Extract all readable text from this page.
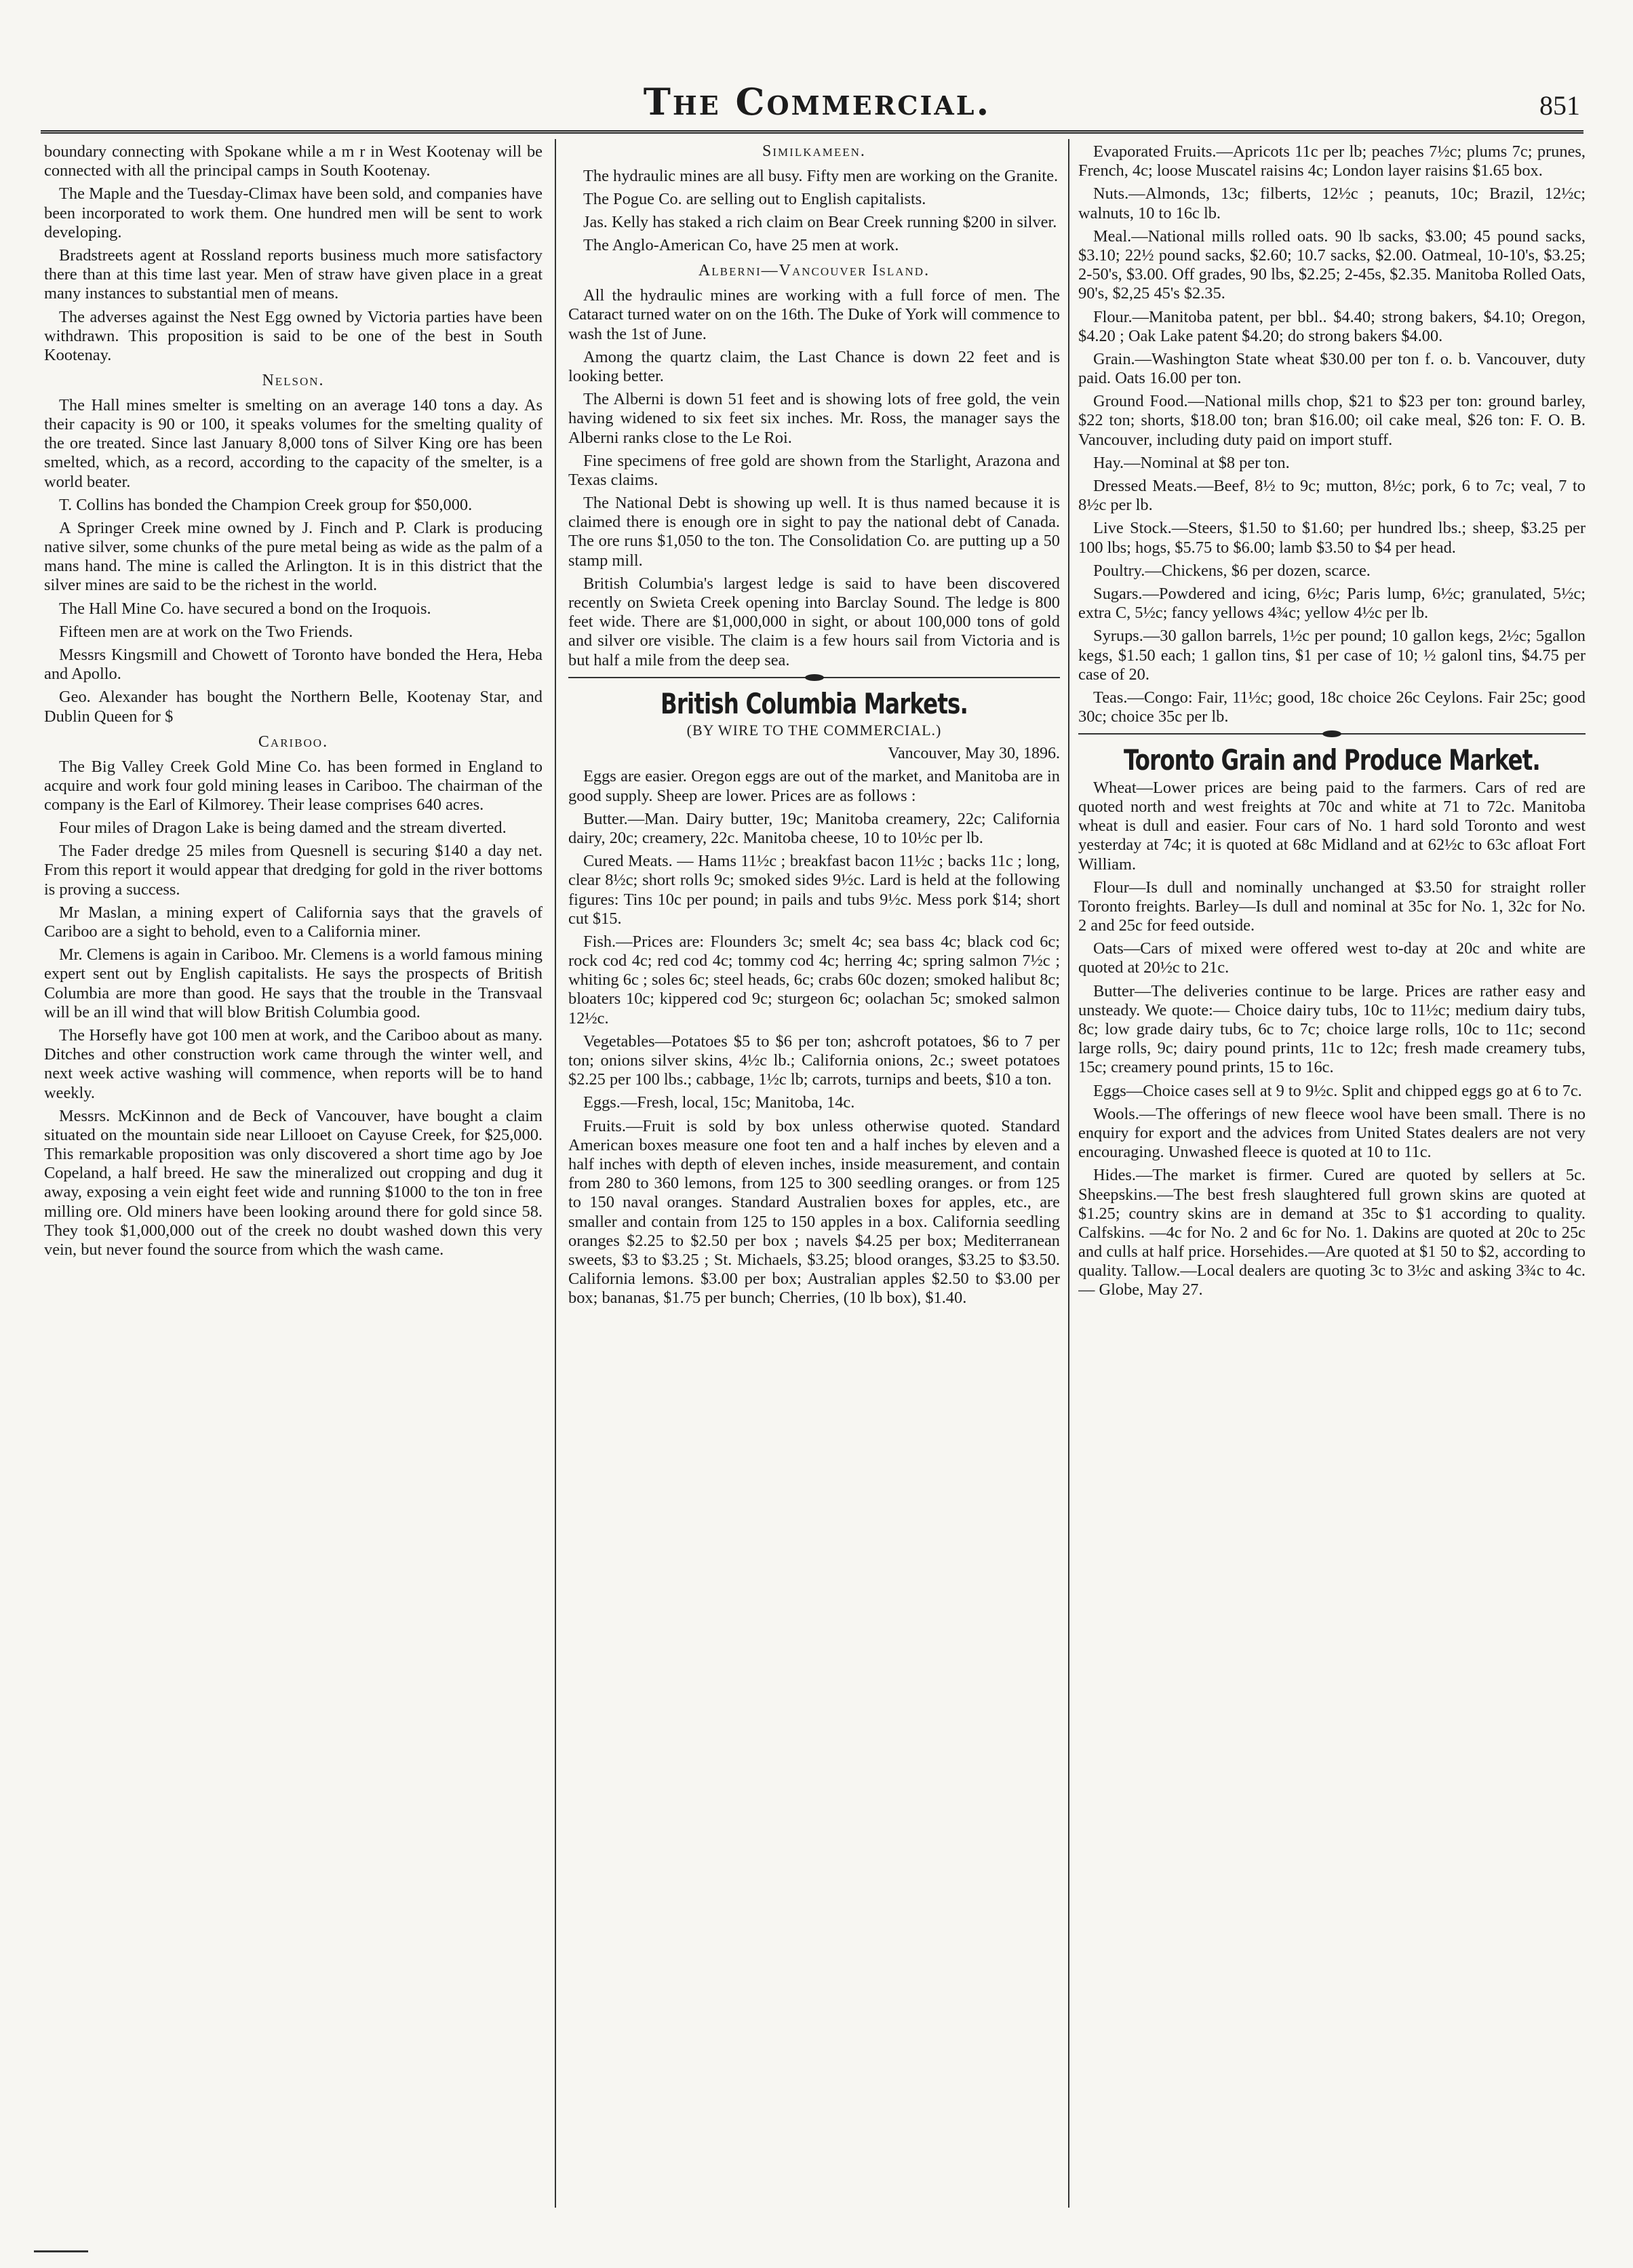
The Commercial.	851

boundary connecting with Spokane while a m r in West Kootenay will be connected with all the principal camps in South Kootenay.

The Maple and the Tuesday-Climax have been sold, and companies have been incorporated to work them. One hundred men will be sent to work developing.

Bradstreets agent at Rossland reports business much more satisfactory there than at this time last year. Men of straw have given place in a great many instances to substantial men of means.

The adverses against the Nest Egg owned by Victoria parties have been withdrawn. This proposition is said to be one of the best in South Kootenay.

Nelson.

The Hall mines smelter is smelting on an average 140 tons a day. As their capacity is 90 or 100, it speaks volumes for the smelting quality of the ore treated. Since last January 8,000 tons of Silver King ore has been smelted, which, as a record, according to the capacity of the smelter, is a world beater.

T. Collins has bonded the Champion Creek group for $50,000.

A Springer Creek mine owned by J. Finch and P. Clark is producing native silver, some chunks of the pure metal being as wide as the palm of a mans hand. The mine is called the Arlington. It is in this district that the silver mines are said to be the richest in the world.

The Hall Mine Co. have secured a bond on the Iroquois.

Fifteen men are at work on the Two Friends.

Messrs Kingsmill and Chowett of Toronto have bonded the Hera, Heba and Apollo.

Geo. Alexander has bought the Northern Belle, Kootenay Star, and Dublin Queen for $

Cariboo.

The Big Valley Creek Gold Mine Co. has been formed in England to acquire and work four gold mining leases in Cariboo. The chairman of the company is the Earl of Kilmorey. Their lease comprises 640 acres.

Four miles of Dragon Lake is being damed and the stream diverted.

The Fader dredge 25 miles from Quesnell is securing $140 a day net. From this report it would appear that dredging for gold in the river bottoms is proving a success.

Mr Maslan, a mining expert of California says that the gravels of Cariboo are a sight to behold, even to a California miner.

Mr. Clemens is again in Cariboo. Mr. Clemens is a world famous mining expert sent out by English capitalists. He says the prospects of British Columbia are more than good. He says that the trouble in the Transvaal will be an ill wind that will blow British Columbia good.

The Horsefly have got 100 men at work, and the Cariboo about as many. Ditches and other construction work came through the winter well, and next week active washing will commence, when reports will be to hand weekly.

Messrs. McKinnon and de Beck of Vancouver, have bought a claim situated on the mountain side near Lillooet on Cayuse Creek, for $25,000. This remarkable proposition was only discovered a short time ago by Joe Copeland, a half breed. He saw the mineralized out cropping and dug it away, exposing a vein eight feet wide and running $1000 to the ton in free milling ore. Old miners have been looking around there for gold since 58. They took $1,000,000 out of the creek no doubt washed down this very vein, but never found the source from which the wash came.

Similkameen.

The hydraulic mines are all busy. Fifty men are working on the Granite.

The Pogue Co. are selling out to English capitalists.

Jas. Kelly has staked a rich claim on Bear Creek running $200 in silver.

The Anglo-American Co, have 25 men at work.

Alberni—Vancouver Island.

All the hydraulic mines are working with a full force of men. The Cataract turned water on on the 16th. The Duke of York will commence to wash the 1st of June.

Among the quartz claim, the Last Chance is down 22 feet and is looking better.

The Alberni is down 51 feet and is showing lots of free gold, the vein having widened to six feet six inches. Mr. Ross, the manager says the Alberni ranks close to the Le Roi.

Fine specimens of free gold are shown from the Starlight, Arazona and Texas claims.

The National Debt is showing up well. It is thus named because it is claimed there is enough ore in sight to pay the national debt of Canada. The ore runs $1,050 to the ton. The Consolidation Co. are putting up a 50 stamp mill.

British Columbia's largest ledge is said to have been discovered recently on Swieta Creek opening into Barclay Sound. The ledge is 800 feet wide. There are $1,000,000 in sight, or about 100,000 tons of gold and silver ore visible. The claim is a few hours sail from Victoria and is but half a mile from the deep sea.

British Columbia Markets.
(BY WIRE TO THE COMMERCIAL.)
Vancouver, May 30, 1896.

Eggs are easier. Oregon eggs are out of the market, and Manitoba are in good supply. Sheep are lower. Prices are as follows :

Butter.—Man. Dairy butter, 19c; Manitoba creamery, 22c; California dairy, 20c; creamery, 22c. Manitoba cheese, 10 to 10½c per lb.

Cured Meats. — Hams 11½c ; breakfast bacon 11½c ; backs 11c ; long, clear 8½c; short rolls 9c; smoked sides 9½c. Lard is held at the following figures: Tins 10c per pound; in pails and tubs 9½c. Mess pork $14; short cut $15.

Fish.—Prices are: Flounders 3c; smelt 4c; sea bass 4c; black cod 6c; rock cod 4c; red cod 4c; tommy cod 4c; herring 4c; spring salmon 7½c ; whiting 6c ; soles 6c; steel heads, 6c; crabs 60c dozen; smoked halibut 8c; bloaters 10c; kippered cod 9c; sturgeon 6c; oolachan 5c; smoked salmon 12½c.

Vegetables—Potatoes $5 to $6 per ton; ashcroft potatoes, $6 to 7 per ton; onions silver skins, 4½c lb.; California onions, 2c.; sweet potatoes $2.25 per 100 lbs.; cabbage, 1½c lb; carrots, turnips and beets, $10 a ton.

Eggs.—Fresh, local, 15c; Manitoba, 14c.

Fruits.—Fruit is sold by box unless otherwise quoted. Standard American boxes measure one foot ten and a half inches by eleven and a half inches with depth of eleven inches, inside measurement, and contain from 280 to 360 lemons, from 125 to 300 seedling oranges. or from 125 to 150 naval oranges. Standard Australien boxes for apples, etc., are smaller and contain from 125 to 150 apples in a box. California seedling oranges $2.25 to $2.50 per box ; navels $4.25 per box; Mediterranean sweets, $3 to $3.25 ; St. Michaels, $3.25; blood oranges, $3.25 to $3.50. California lemons. $3.00 per box; Australian apples $2.50 to $3.00 per box; bananas, $1.75 per bunch; Cherries, (10 lb box), $1.40.

Evaporated Fruits.—Apricots 11c per lb; peaches 7½c; plums 7c; prunes, French, 4c; loose Muscatel raisins 4c; London layer raisins $1.65 box.

Nuts.—Almonds, 13c; filberts, 12½c ; peanuts, 10c; Brazil, 12½c; walnuts, 10 to 16c lb.

Meal.—National mills rolled oats. 90 lb sacks, $3.00; 45 pound sacks, $3.10; 22½ pound sacks, $2.60; 10.7 sacks, $2.00. Oatmeal, 10-10's, $3.25; 2-50's, $3.00. Off grades, 90 lbs, $2.25; 2-45s, $2.35. Manitoba Rolled Oats, 90's, $2,25 45's $2.35.

Flour.—Manitoba patent, per bbl.. $4.40; strong bakers, $4.10; Oregon, $4.20 ; Oak Lake patent $4.20; do strong bakers $4.00.

Grain.—Washington State wheat $30.00 per ton f. o. b. Vancouver, duty paid. Oats 16.00 per ton.

Ground Food.—National mills chop, $21 to $23 per ton: ground barley, $22 ton; shorts, $18.00 ton; bran $16.00; oil cake meal, $26 ton: F. O. B. Vancouver, including duty paid on import stuff.

Hay.—Nominal at $8 per ton.

Dressed Meats.—Beef, 8½ to 9c; mutton, 8½c; pork, 6 to 7c; veal, 7 to 8½c per lb.

Live Stock.—Steers, $1.50 to $1.60; per hundred lbs.; sheep, $3.25 per 100 lbs; hogs, $5.75 to $6.00; lamb $3.50 to $4 per head.

Poultry.—Chickens, $6 per dozen, scarce.

Sugars.—Powdered and icing, 6½c; Paris lump, 6½c; granulated, 5½c; extra C, 5½c; fancy yellows 4¾c; yellow 4½c per lb.

Syrups.—30 gallon barrels, 1½c per pound; 10 gallon kegs, 2½c; 5gallon kegs, $1.50 each; 1 gallon tins, $1 per case of 10; ½ galonl tins, $4.75 per case of 20.

Teas.—Congo: Fair, 11½c; good, 18c choice 26c Ceylons. Fair 25c; good 30c; choice 35c per lb.

Toronto Grain and Produce Market.

Wheat—Lower prices are being paid to the farmers. Cars of red are quoted north and west freights at 70c and white at 71 to 72c. Manitoba wheat is dull and easier. Four cars of No. 1 hard sold Toronto and west yesterday at 74c; it is quoted at 68c Midland and at 62½c to 63c afloat Fort William.

Flour—Is dull and nominally unchanged at $3.50 for straight roller Toronto freights. Barley—Is dull and nominal at 35c for No. 1, 32c for No. 2 and 25c for feed outside.

Oats—Cars of mixed were offered west to-day at 20c and white are quoted at 20½c to 21c.

Butter—The deliveries continue to be large. Prices are rather easy and unsteady. We quote:— Choice dairy tubs, 10c to 11½c; medium dairy tubs, 8c; low grade dairy tubs, 6c to 7c; choice large rolls, 10c to 11c; second large rolls, 9c; dairy pound prints, 11c to 12c; fresh made creamery tubs, 15c; creamery pound prints, 15 to 16c.

Eggs—Choice cases sell at 9 to 9½c. Split and chipped eggs go at 6 to 7c.

Wools.—The offerings of new fleece wool have been small. There is no enquiry for export and the advices from United States dealers are not very encouraging. Unwashed fleece is quoted at 10 to 11c.

Hides.—The market is firmer. Cured are quoted by sellers at 5c. Sheepskins.—The best fresh slaughtered full grown skins are quoted at $1.25; country skins are in demand at 35c to $1 according to quality. Calfskins. —4c for No. 2 and 6c for No. 1. Dakins are quoted at 20c to 25c and culls at half price. Horsehides.—Are quoted at $1 50 to $2, according to quality. Tallow.—Local dealers are quoting 3c to 3½c and asking 3¾c to 4c.— Globe, May 27.
